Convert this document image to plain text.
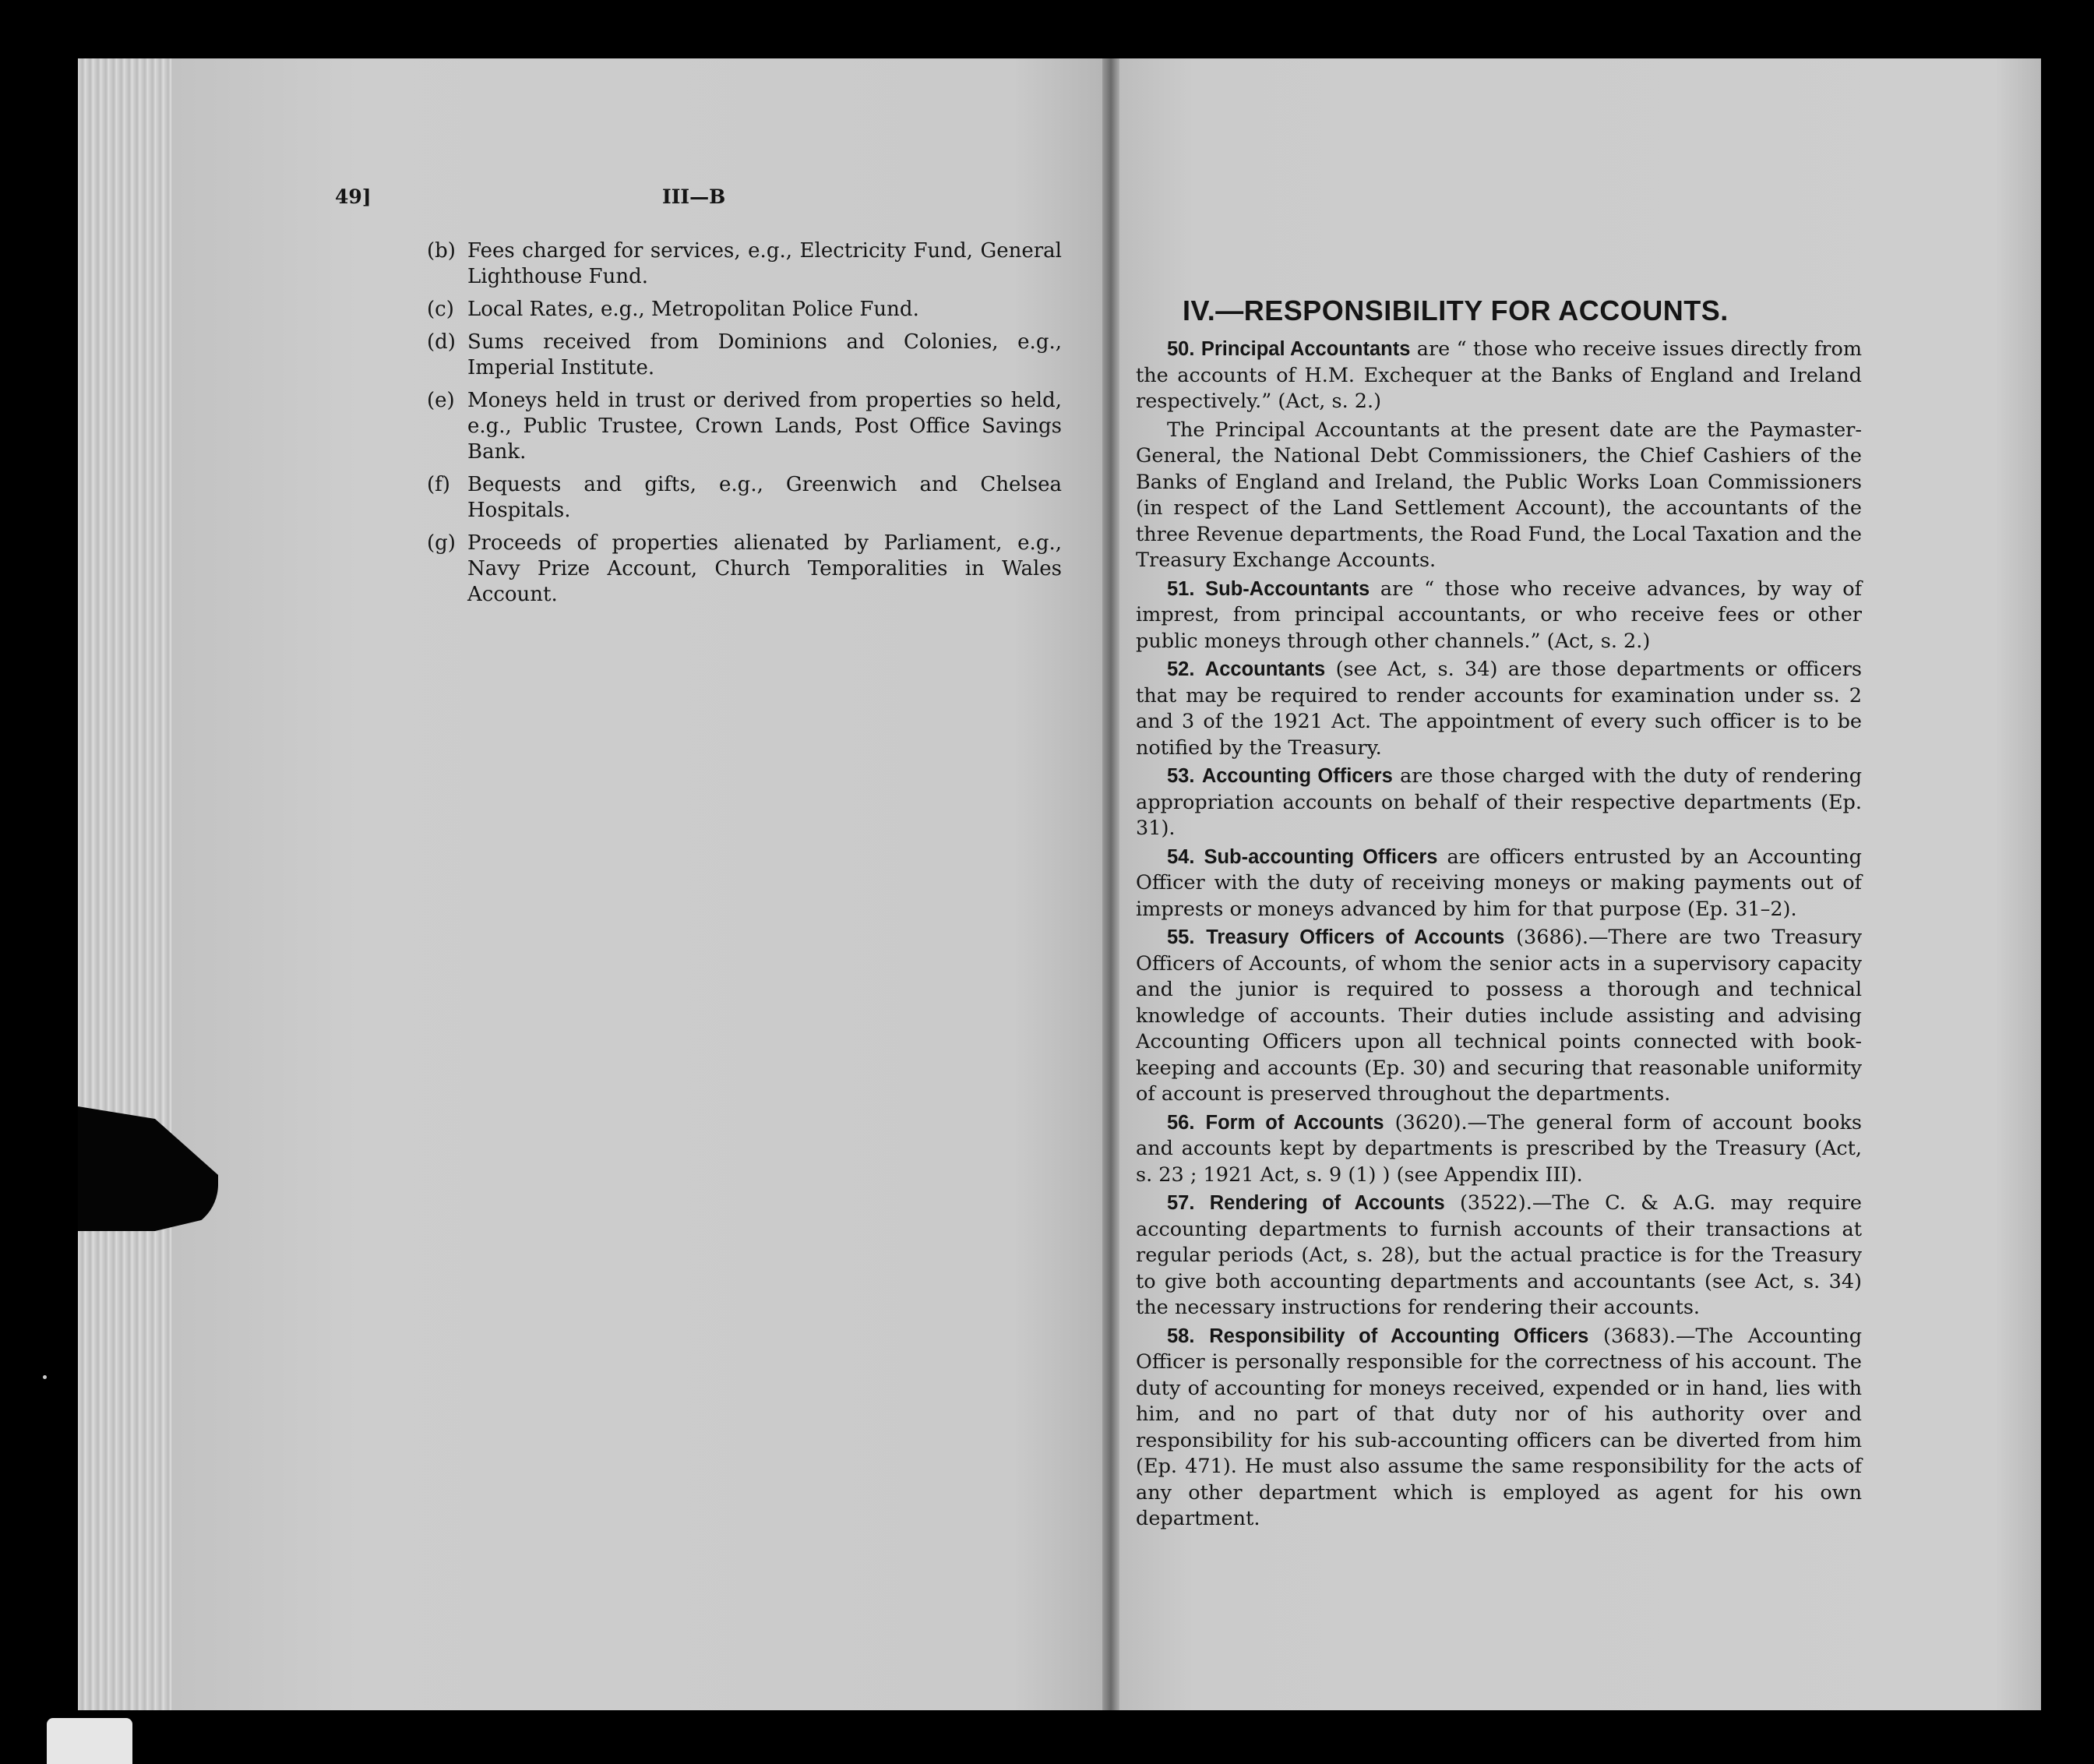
49]	III—B
(b) Fees charged for services, e.g., Electricity Fund, General Lighthouse Fund.
(c) Local Rates, e.g., Metropolitan Police Fund.
(d) Sums received from Dominions and Colonies, e.g., Imperial Institute.
(e) Moneys held in trust or derived from properties so held, e.g., Public Trustee, Crown Lands, Post Office Savings Bank.
(f) Bequests and gifts, e.g., Greenwich and Chelsea Hospitals.
(g) Proceeds of properties alienated by Parliament, e.g., Navy Prize Account, Church Temporalities in Wales Account.
IV.—RESPONSIBILITY FOR ACCOUNTS.

50. Principal Accountants are “ those who receive issues directly from the accounts of H.M. Exchequer at the Banks of England and Ireland respectively.” (Act, s. 2.)

The Principal Accountants at the present date are the Paymaster-General, the National Debt Commissioners, the Chief Cashiers of the Banks of England and Ireland, the Public Works Loan Commissioners (in respect of the Land Settlement Account), the accountants of the three Revenue departments, the Road Fund, the Local Taxation and the Treasury Exchange Accounts.

51. Sub-Accountants are “ those who receive advances, by way of imprest, from principal accountants, or who receive fees or other public moneys through other channels.” (Act, s. 2.)

52. Accountants (see Act, s. 34) are those departments or officers that may be required to render accounts for examination under ss. 2 and 3 of the 1921 Act. The appointment of every such officer is to be notified by the Treasury.

53. Accounting Officers are those charged with the duty of rendering appropriation accounts on behalf of their respective departments (Ep. 31).

54. Sub-accounting Officers are officers entrusted by an Accounting Officer with the duty of receiving moneys or making payments out of imprests or moneys advanced by him for that purpose (Ep. 31–2).

55. Treasury Officers of Accounts (3686).—There are two Treasury Officers of Accounts, of whom the senior acts in a supervisory capacity and the junior is required to possess a thorough and technical knowledge of accounts. Their duties include assisting and advising Accounting Officers upon all technical points connected with book-keeping and accounts (Ep. 30) and securing that reasonable uniformity of account is preserved throughout the departments.

56. Form of Accounts (3620).—The general form of account books and accounts kept by departments is prescribed by the Treasury (Act, s. 23 ; 1921 Act, s. 9 (1) ) (see Appendix III).

57. Rendering of Accounts (3522).—The C. & A.G. may require accounting departments to furnish accounts of their transactions at regular periods (Act, s. 28), but the actual practice is for the Treasury to give both accounting departments and accountants (see Act, s. 34) the necessary instructions for rendering their accounts.

58. Responsibility of Accounting Officers (3683).—The Accounting Officer is personally responsible for the correctness of his account. The duty of accounting for moneys received, expended or in hand, lies with him, and no part of that duty nor of his authority over and responsibility for his sub-accounting officers can be diverted from him (Ep. 471). He must also assume the same responsibility for the acts of any other department which is employed as agent for his own department.
